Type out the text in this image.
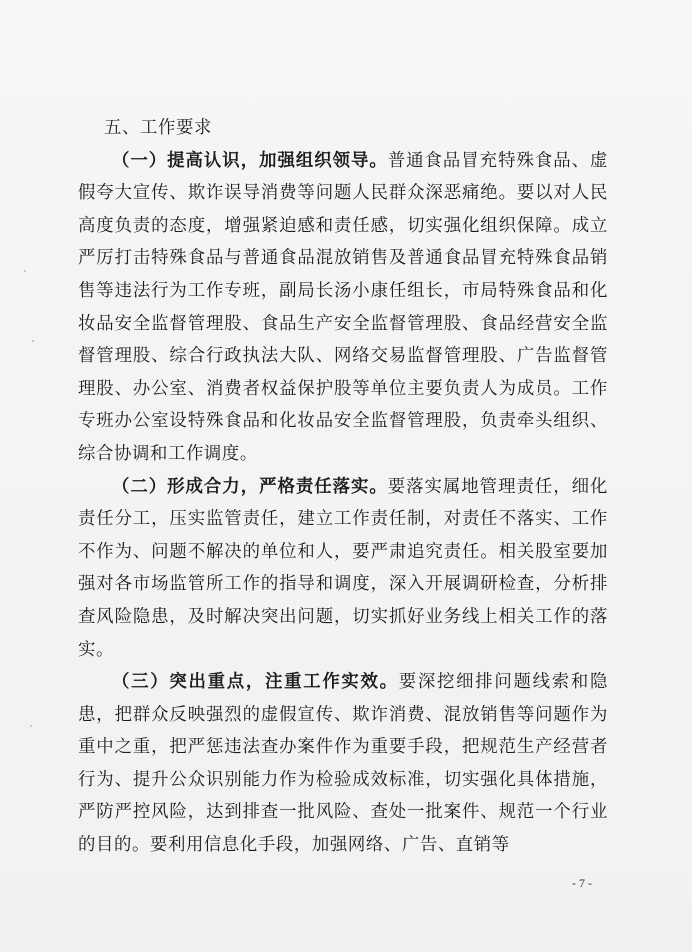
五、工作要求

（一）提高认识，加强组织领导。普通食品冒充特殊食品、虚假夸大宣传、欺诈误导消费等问题人民群众深恶痛绝。要以对人民高度负责的态度，增强紧迫感和责任感，切实强化组织保障。成立严厉打击特殊食品与普通食品混放销售及普通食品冒充特殊食品销售等违法行为工作专班，副局长汤小康任组长，市局特殊食品和化妆品安全监督管理股、食品生产安全监督管理股、食品经营安全监督管理股、综合行政执法大队、网络交易监督管理股、广告监督管理股、办公室、消费者权益保护股等单位主要负责人为成员。工作专班办公室设特殊食品和化妆品安全监督管理股，负责牵头组织、综合协调和工作调度。

（二）形成合力，严格责任落实。要落实属地管理责任，细化责任分工，压实监管责任，建立工作责任制，对责任不落实、工作不作为、问题不解决的单位和人，要严肃追究责任。相关股室要加强对各市场监管所工作的指导和调度，深入开展调研检查，分析排查风险隐患，及时解决突出问题，切实抓好业务线上相关工作的落实。

（三）突出重点，注重工作实效。要深挖细排问题线索和隐患，把群众反映强烈的虚假宣传、欺诈消费、混放销售等问题作为重中之重，把严惩违法查办案件作为重要手段，把规范生产经营者行为、提升公众识别能力作为检验成效标准，切实强化具体措施，严防严控风险，达到排查一批风险、查处一批案件、规范一个行业的目的。要利用信息化手段，加强网络、广告、直销等

- 7 -
